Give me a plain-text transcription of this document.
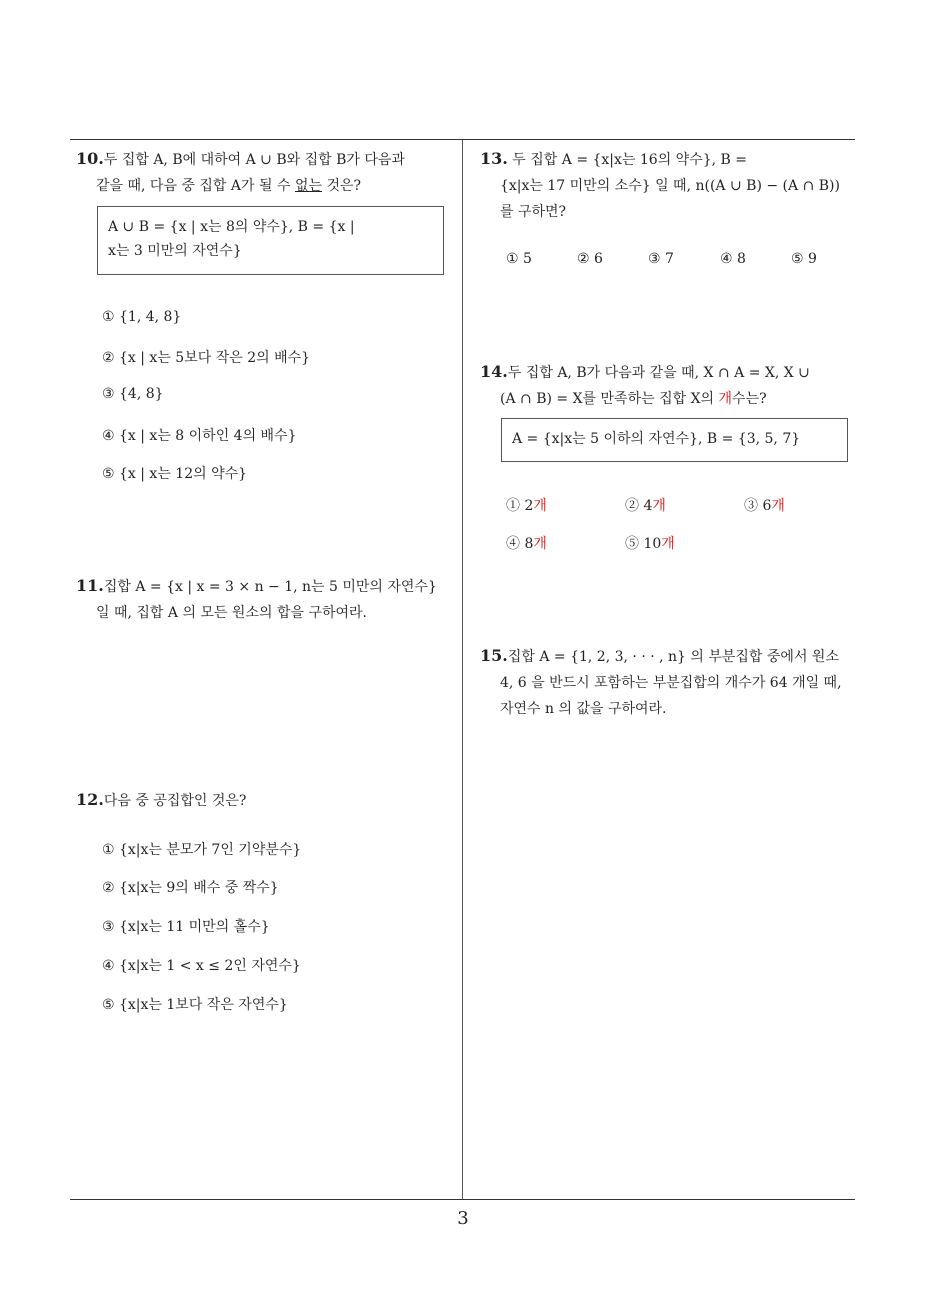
10.두 집합 A, B에 대하여 A ∪ B와 집합 B가 다음과

같을 때, 다음 중 집합 A가 될 수 없는 것은?

A ∪ B = {x | x는 8의 약수}, B = {x |
x는 3 미만의 자연수}
① {1, 4, 8}
② {x | x는 5보다 작은 2의 배수}
③ {4, 8}
④ {x | x는 8 이하인 4의 배수}
⑤ {x | x는 12의 약수}

11.집합 A = {x | x = 3 × n − 1, n는 5 미만의 자연수}

일 때, 집합 A 의 모든 원소의 합을 구하여라.

12.다음 중 공집합인 것은?

① {x|x는 분모가 7인 기약분수}
② {x|x는 9의 배수 중 짝수}
③ {x|x는 11 미만의 홀수}
④ {x|x는 1 < x ≤ 2인 자연수}
⑤ {x|x는 1보다 작은 자연수}

13. 두 집합 A = {x|x는 16의 약수}, B =

{x|x는 17 미만의 소수} 일 때, n((A ∪ B) − (A ∩ B))

를 구하면?

① 5	② 6	③ 7	④ 8	⑤ 9

14.두 집합 A, B가 다음과 같을 때, X ∩ A = X, X ∪

(A ∩ B) = X를 만족하는 집합 X의 개수는?

A = {x|x는 5 이하의 자연수}, B = {3, 5, 7}
① 2개	② 4개	③ 6개
④ 8개	⑤ 10개

15.집합 A = {1, 2, 3, · · · , n} 의 부분집합 중에서 원소

4, 6 을 반드시 포함하는 부분집합의 개수가 64 개일 때,

자연수 n 의 값을 구하여라.

3
